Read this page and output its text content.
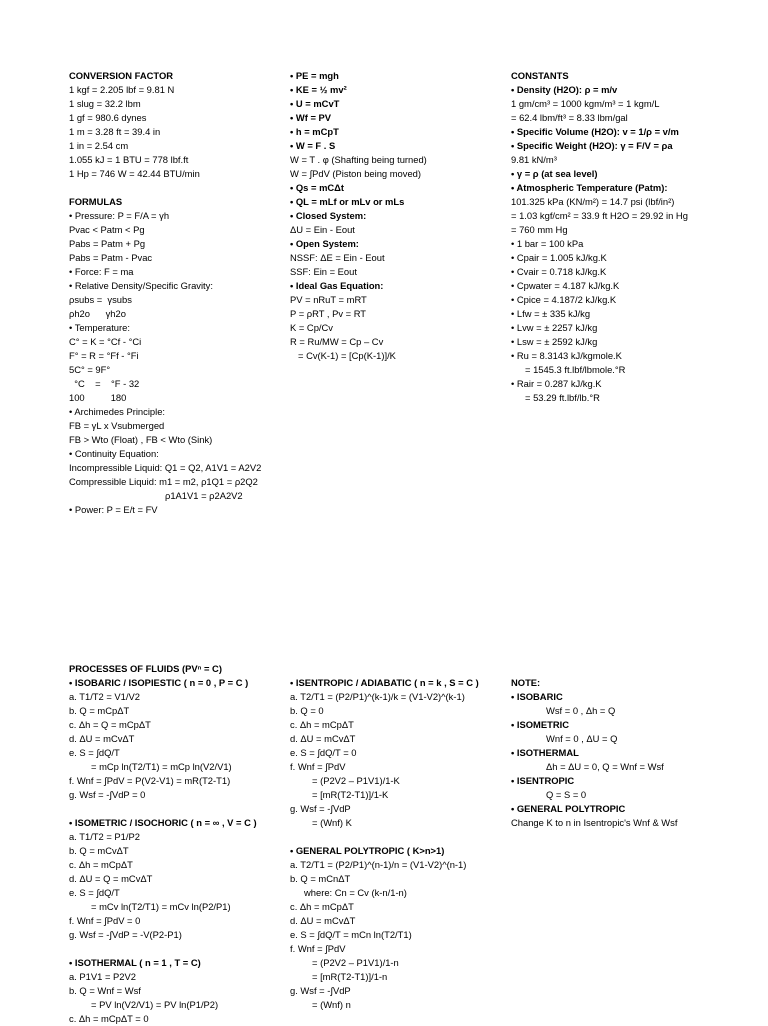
CONVERSION FACTOR
1 kgf = 2.205 lbf = 9.81 N
1 slug = 32.2 lbm
1 gf = 980.6 dynes
1 m = 3.28 ft = 39.4 in
1 in = 2.54 cm
1.055 kJ = 1 BTU = 778 lbf.ft
1 Hp = 746 W = 42.44 BTU/min
FORMULAS
• Pressure: P = F/A = γh
Pvac < Patm < Pg
Pabs = Patm + Pg
Pabs = Patm - Pvac
• Force: F = ma
• Relative Density/Specific Gravity:
ρsubs =  γsubs
ρh2o      γh2o
• Temperature:
C° = K = °Cf - °Ci
F° = R = °Ff - °Fi
5C° = 9F°
°C    =    °F - 32
100          180
• Archimedes Principle:
FB = γL x Vsubmerged
FB > Wto (Float) , FB < Wto (Sink)
• Continuity Equation:
Incompressible Liquid: Q1 = Q2, A1V1 = A2V2
Compressible Liquid: m1 = m2, ρ1Q1 = ρ2Q2
ρ1A1V1 = ρ2A2V2
• Power: P = E/t = FV
• PE = mgh
• KE = ½ mv²
• U = mCvT
• Wf = PV
• h = mCpT
• W = F . S
W = T . φ (Shafting being turned)
W = ∫PdV (Piston being moved)
• Qs = mCΔt
• QL = mLf or mLv or mLs
• Closed System:
ΔU = Ein - Eout
• Open System:
NSSF: ΔE = Ein - Eout
SSF: Ein = Eout
• Ideal Gas Equation:
PV = nRuT = mRT
P = ρRT , Pv = RT
K = Cp/Cv
R = Ru/MW = Cp – Cv
= Cv(K-1) = [Cp(K-1)]/K
CONSTANTS
• Density (H2O): ρ = m/v
1 gm/cm³ = 1000 kgm/m³ = 1 kgm/L
= 62.4 lbm/ft³ = 8.33 lbm/gal
• Specific Volume (H2O): v = 1/ρ = v/m
• Specific Weight (H2O): γ = F/V = ρa
9.81 kN/m³
• γ = ρ (at sea level)
• Atmospheric Temperature (Patm):
101.325 kPa (KN/m²) = 14.7 psi (lbf/in²)
= 1.03 kgf/cm² = 33.9 ft H2O = 29.92 in Hg
= 760 mm Hg
• 1 bar = 100 kPa
• Cpair = 1.005 kJ/kg.K
• Cvair = 0.718 kJ/kg.K
• Cpwater = 4.187 kJ/kg.K
• Cpice = 4.187/2 kJ/kg.K
• Lfw = ± 335 kJ/kg
• Lvw = ± 2257 kJ/kg
• Lsw = ± 2592 kJ/kg
• Ru = 8.3143 kJ/kgmole.K
= 1545.3 ft.lbf/lbmole.°R
• Rair = 0.287 kJ/kg.K
= 53.29 ft.lbf/lb.°R
PROCESSES OF FLUIDS (PVⁿ = C)
• ISOBARIC / ISOPIESTIC ( n = 0 , P = C )
a. T1/T2 = V1/V2
b. Q = mCpΔT
c. Δh = Q = mCpΔT
d. ΔU = mCvΔT
e. S = ∫dQ/T
= mCp ln(T2/T1) = mCp ln(V2/V1)
f. Wnf = ∫PdV = P(V2-V1) = mR(T2-T1)
g. Wsf = -∫VdP = 0
• ISOMETRIC / ISOCHORIC ( n = ∞ , V = C )
a. T1/T2 = P1/P2
b. Q = mCvΔT
c. Δh = mCpΔT
d. ΔU = Q = mCvΔT
e. S = ∫dQ/T
= mCv ln(T2/T1) = mCv ln(P2/P1)
f. Wnf = ∫PdV = 0
g. Wsf = -∫VdP = -V(P2-P1)
• ISOTHERMAL ( n = 1 , T = C)
a. P1V1 = P2V2
b. Q = Wnf = Wsf
= PV ln(V2/V1) = PV ln(P1/P2)
c. Δh = mCpΔT = 0
• ISENTROPIC / ADIABATIC ( n = k , S = C )
a. T2/T1 = (P2/P1)^(k-1)/k = (V1-V2)^(k-1)
b. Q = 0
c. Δh = mCpΔT
d. ΔU = mCvΔT
e. S = ∫dQ/T = 0
f. Wnf = ∫PdV
= (P2V2 – P1V1)/1-K
= [mR(T2-T1)]/1-K
g. Wsf = -∫VdP
= (Wnf) K
• GENERAL POLYTROPIC ( K>n>1)
a. T2/T1 = (P2/P1)^(n-1)/n = (V1-V2)^(n-1)
b. Q = mCnΔT
where: Cn = Cv (k-n/1-n)
c. Δh = mCpΔT
d. ΔU = mCvΔT
e. S = ∫dQ/T = mCn ln(T2/T1)
f. Wnf = ∫PdV
= (P2V2 – P1V1)/1-n
= [mR(T2-T1)]/1-n
g. Wsf = -∫VdP
= (Wnf) n
NOTE:
• ISOBARIC
Wsf = 0 , Δh = Q
• ISOMETRIC
Wnf = 0 , ΔU = Q
• ISOTHERMAL
Δh = ΔU = 0, Q = Wnf = Wsf
• ISENTROPIC
Q = S = 0
• GENERAL POLYTROPIC
Change K to n in Isentropic's Wnf & Wsf
